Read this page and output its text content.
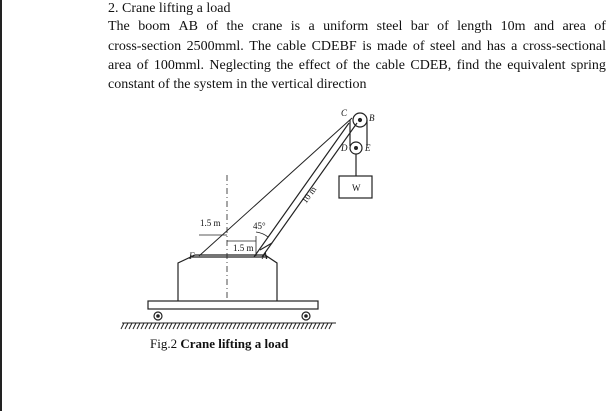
2. Crane lifting a load
The boom AB of the crane is a uniform steel bar of length 10m and area of
cross-section 2500mml. The cable CDEBF is made of steel and has a cross-sectional
area of 100mml. Neglecting the effect of the cable CDEB, find the equivalent spring
constant of the system in the vertical direction
C B
D E
W
A
F
45°
1.5 m
1.5 m
10 m
Fig.2 Crane lifting a load
